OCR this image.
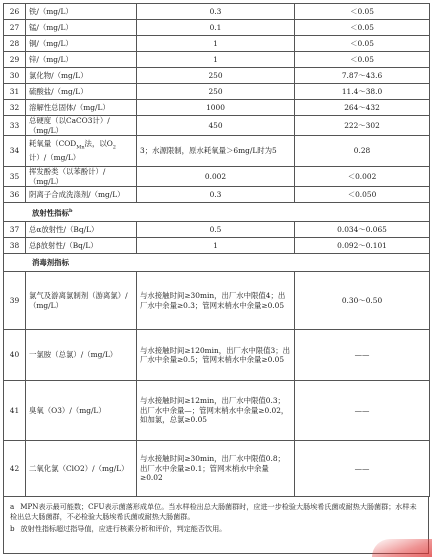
26	铁/（mg/L）	0.3	＜0.05
27	锰/（mg/L）	0.1	＜0.05
28	铜/（mg/L）	1	＜0.05
29	锌/（mg/L）	1	＜0.05
30	氯化物/（mg/L）	250	7.87～43.6
31	硫酸盐/（mg/L）	250	11.4～38.0
32	溶解性总固体/（mg/L）	1000	264～432
33	总硬度（以CaCO3计）/（mg/L）	450	222～302
34	耗氧量（$COD_{Mn}$法，以$O_2$计）/（mg/L）	3；水源限制，原水耗氧量＞6mg/L时为5	0.28
35	挥发酚类（以苯酚计）/（mg/L）	0.002	＜0.002
36	阴离子合成洗涤剂/（mg/L）	0.3	＜0.050
放射性指标$^b$
37	总α放射性/（Bq/L）	0.5	0.034～0.065
38	总β放射性/（Bq/L）	1	0.092～0.101
消毒剂指标			
39	氯气及游离氯制剂（游离氯）/（mg/L）	与水接触时间≥30min，出厂水中限值4；出厂水中余量≥0.3；管网末梢水中余量≥0.05	0.30～0.50
40	一氯胺（总氯）/（mg/L）	与水接触时间≥120min，出厂水中限值3；出厂水中余量≥0.5；管网末梢水中余量≥0.05	——
41	臭氧（O3）/（mg/L）	与水接触时间≥12min，出厂水中限值0.3；出厂水中余量—；管网末梢水中余量≥0.02，如加氯，总氯≥0.05	——
42	二氧化氯（ClO2）/（mg/L）	与水接触时间≥30min，出厂水中限值0.8；出厂水中余量≥0.1；管网末梢水中余量≥0.02	——

a MPN表示最可能数；CFU表示菌落形成单位。当水样检出总大肠菌群时，应进一步检验大肠埃希氏菌或耐热大肠菌群；水样未检出总大肠菌群，不必检验大肠埃希氏菌或耐热大肠菌群。

b 放射性指标超过指导值，应进行核素分析和评价，判定能否饮用。
